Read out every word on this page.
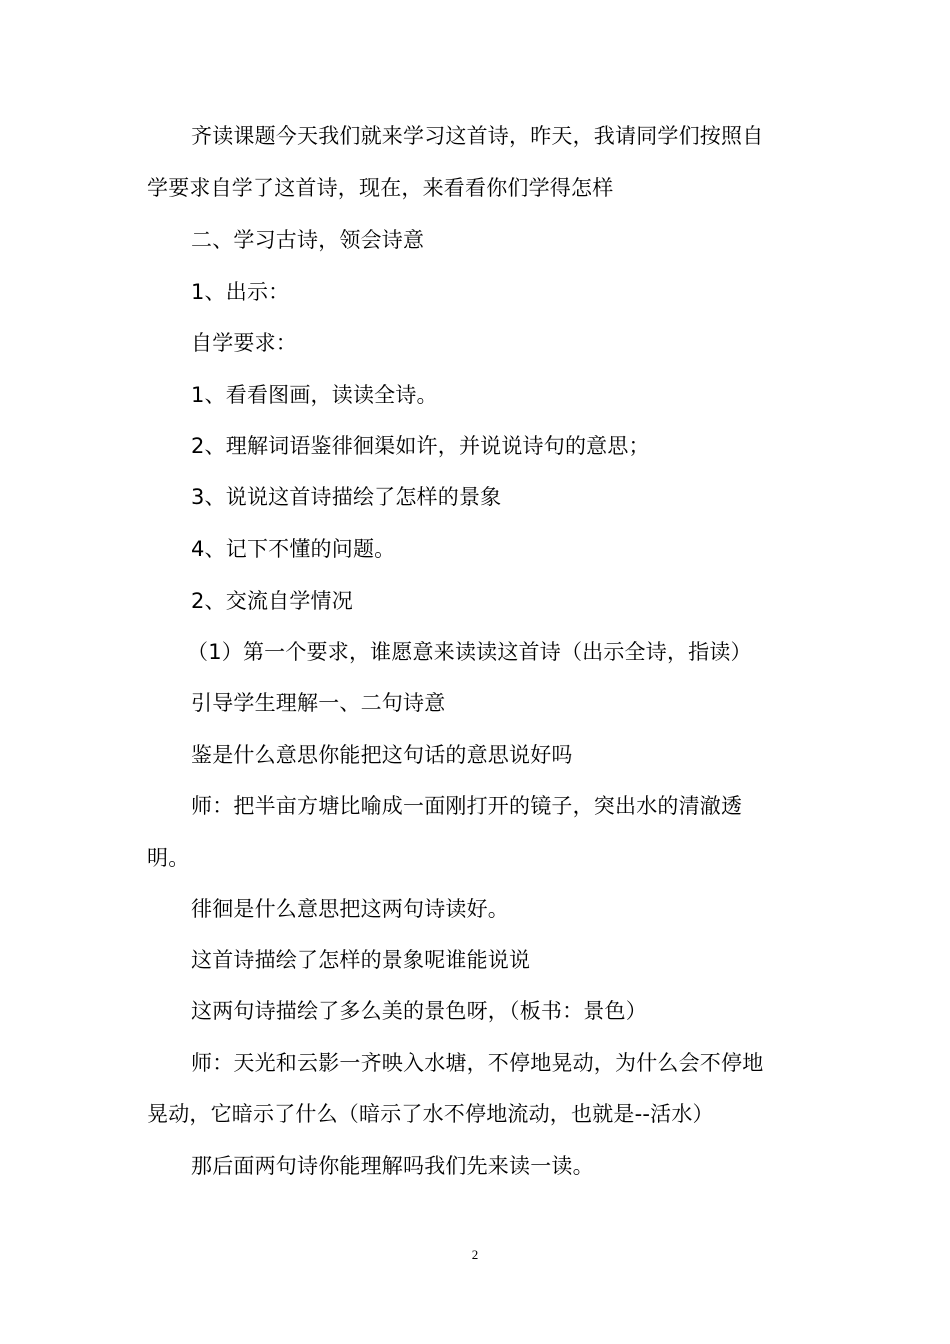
齐读课题今天我们就来学习这首诗，昨天，我请同学们按照自
学要求自学了这首诗，现在，来看看你们学得怎样
二、学习古诗，领会诗意
1、出示：
自学要求：
1、看看图画，读读全诗。
2、理解词语鉴徘徊渠如许，并说说诗句的意思；
3、说说这首诗描绘了怎样的景象
4、记下不懂的问题。
2、交流自学情况
（1）第一个要求，谁愿意来读读这首诗（出示全诗，指读）
引导学生理解一、二句诗意
鉴是什么意思你能把这句话的意思说好吗
师：把半亩方塘比喻成一面刚打开的镜子，突出水的清澈透
明。
徘徊是什么意思把这两句诗读好。
这首诗描绘了怎样的景象呢谁能说说
这两句诗描绘了多么美的景色呀，（板书：景色）
师：天光和云影一齐映入水塘，不停地晃动，为什么会不停地
晃动，它暗示了什么（暗示了水不停地流动，也就是--活水）
那后面两句诗你能理解吗我们先来读一读。
2
